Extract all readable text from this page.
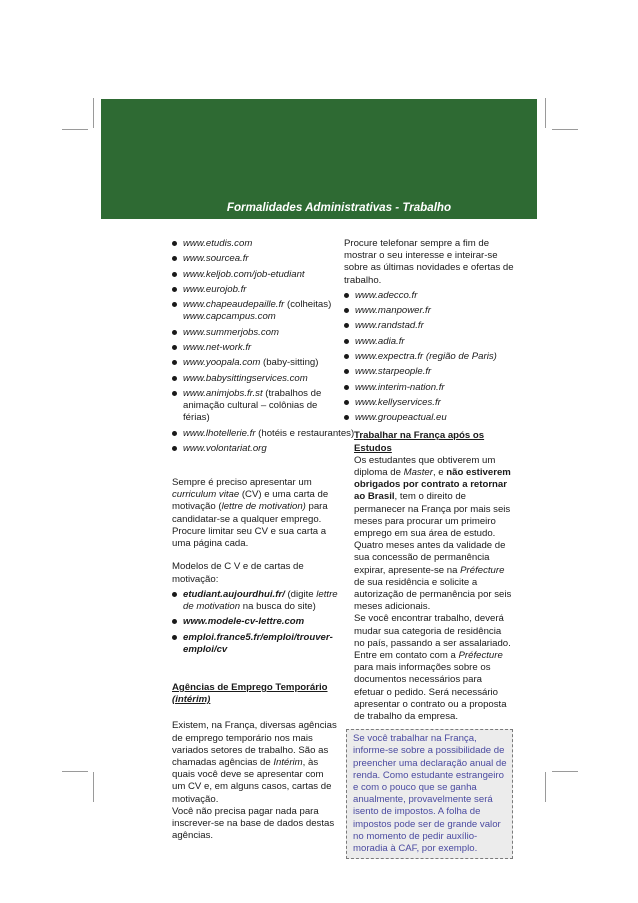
Formalidades Administrativas - Trabalho
www.etudis.com
www.sourcea.fr
www.keljob.com/job-etudiant
www.eurojob.fr
www.chapeaudepaille.fr (colheitas)
www.capcampus.com
www.summerjobs.com
www.net-work.fr
www.yoopala.com (baby-sitting)
www.babysittingservices.com
www.animjobs.fr.st (trabalhos de animação cultural – colônias de férias)
www.lhotellerie.fr (hotéis e restaurantes)
www.volontariat.org

Sempre é preciso apresentar um curriculum vitae (CV) e uma carta de motivação (lettre de motivation) para candidatar-se a qualquer emprego. Procure limitar seu CV e sua carta a uma página cada.

Modelos de C V e de cartas de motivação:

etudiant.aujourdhui.fr/ (digite lettre de motivation na busca do site)
www.modele-cv-lettre.com
emploi.france5.fr/emploi/trouver-emploi/cv

Agências de Emprego Temporário
(intérim)

Existem, na França, diversas agências de emprego temporário nos mais variados setores de trabalho. São as chamadas agências de Intérim, às quais você deve se apresentar com um CV e, em alguns casos, cartas de motivação.
Você não precisa pagar nada para inscrever-se na base de dados destas agências.

Procure telefonar sempre a fim de mostrar o seu interesse e inteirar-se sobre as últimas novidades e ofertas de trabalho.

www.adecco.fr
www.manpower.fr
www.randstad.fr
www.adia.fr
www.expectra.fr (região de Paris)
www.starpeople.fr
www.interim-nation.fr
www.kellyservices.fr
www.groupeactual.eu

Trabalhar na França após os Estudos

Os estudantes que obtiverem um diploma de Master, e não estiverem obrigados por contrato a retornar ao Brasil, tem o direito de permanecer na França por mais seis meses para procurar um primeiro emprego em sua área de estudo. Quatro meses antes da validade de sua concessão de permanência expirar, apresente-se na Préfecture de sua residência e solicite a autorização de permanência por seis meses adicionais.

Se você encontrar trabalho, deverá mudar sua categoria de residência no país, passando a ser assalariado. Entre em contato com a Préfecture para mais informações sobre os documentos necessários para efetuar o pedido. Será necessário apresentar o contrato ou a proposta de trabalho da empresa.

Se você trabalhar na França, informe-se sobre a possibilidade de preencher uma declaração anual de renda. Como estudante estrangeiro e com o pouco que se ganha anualmente, provavelmente será isento de impostos. A folha de impostos pode ser de grande valor no momento de pedir auxílio-moradia à CAF, por exemplo.
